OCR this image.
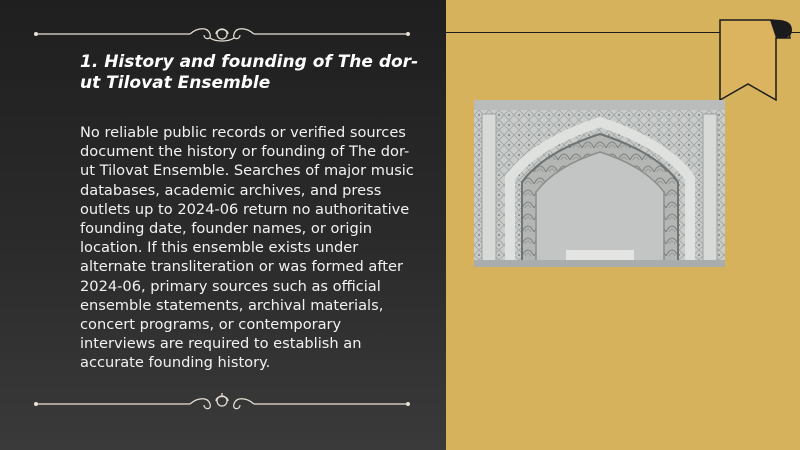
1. History and founding of The dor-ut Tilovat Ensemble

No reliable public records or verified sources document the history or founding of The dor-ut Tilovat Ensemble. Searches of major music databases, academic archives, and press outlets up to 2024-06 return no authoritative founding date, founder names, or origin location. If this ensemble exists under alternate transliteration or was formed after 2024-06, primary sources such as official ensemble statements, archival materials, concert programs, or contemporary interviews are required to establish an accurate founding history.
